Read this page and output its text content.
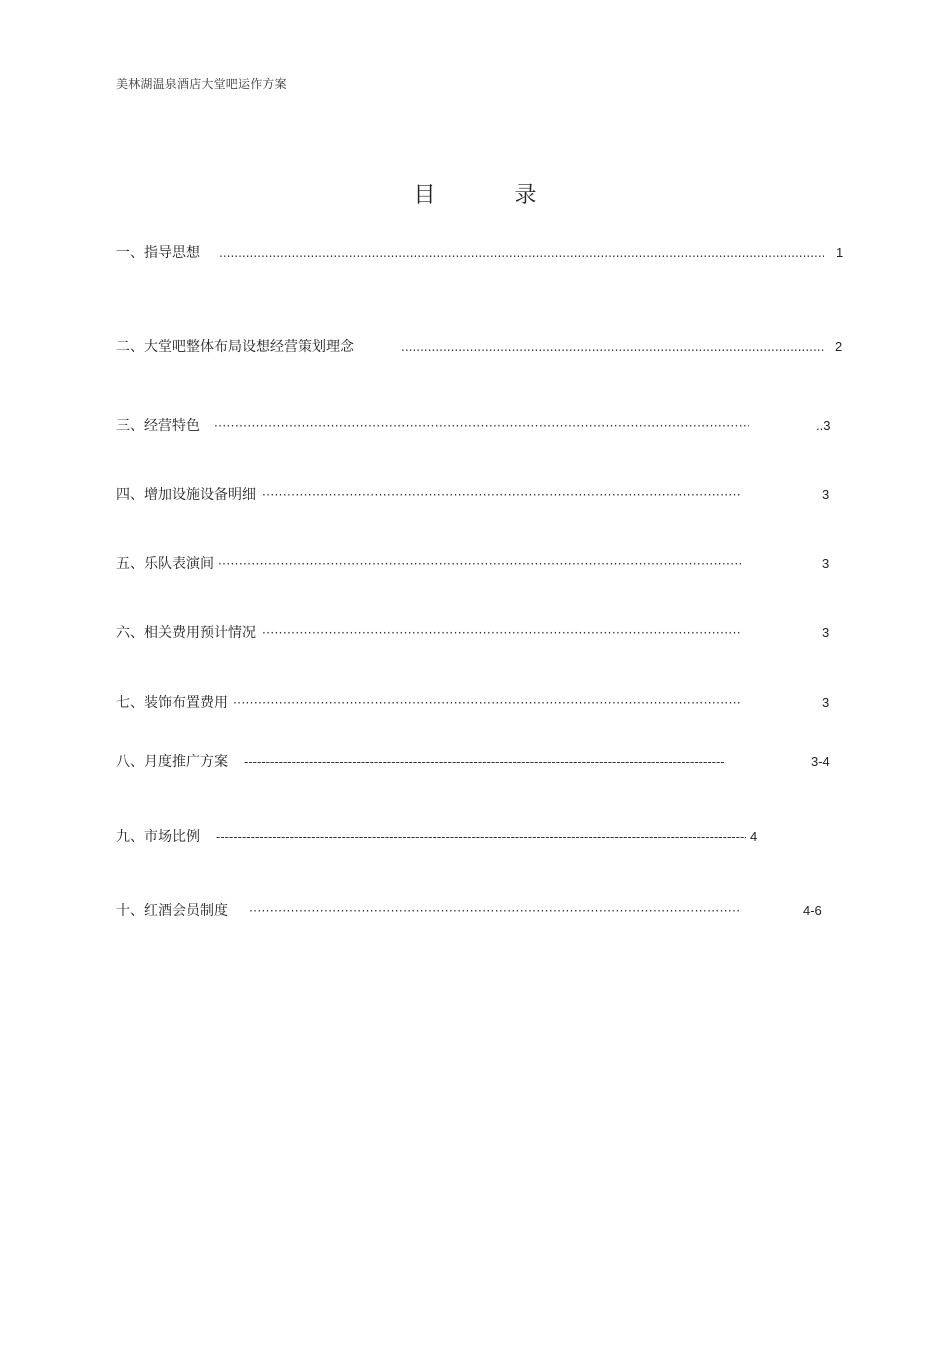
美林湖温泉酒店大堂吧运作方案
目 录
一、指导思想 .....	1
二、大堂吧整体布局设想经营策划理念 .....	2
三、经营特色 ·····	..3
四、增加设施设备明细 ·····	3
五、乐队表演间 ·····	3
六、相关费用预计情况 ·····	3
七、装饰布置费用 ·····	3
八、月度推广方案 -----	3-4
九、市场比例 -----	4
十、红酒会员制度 ·····	4-6
